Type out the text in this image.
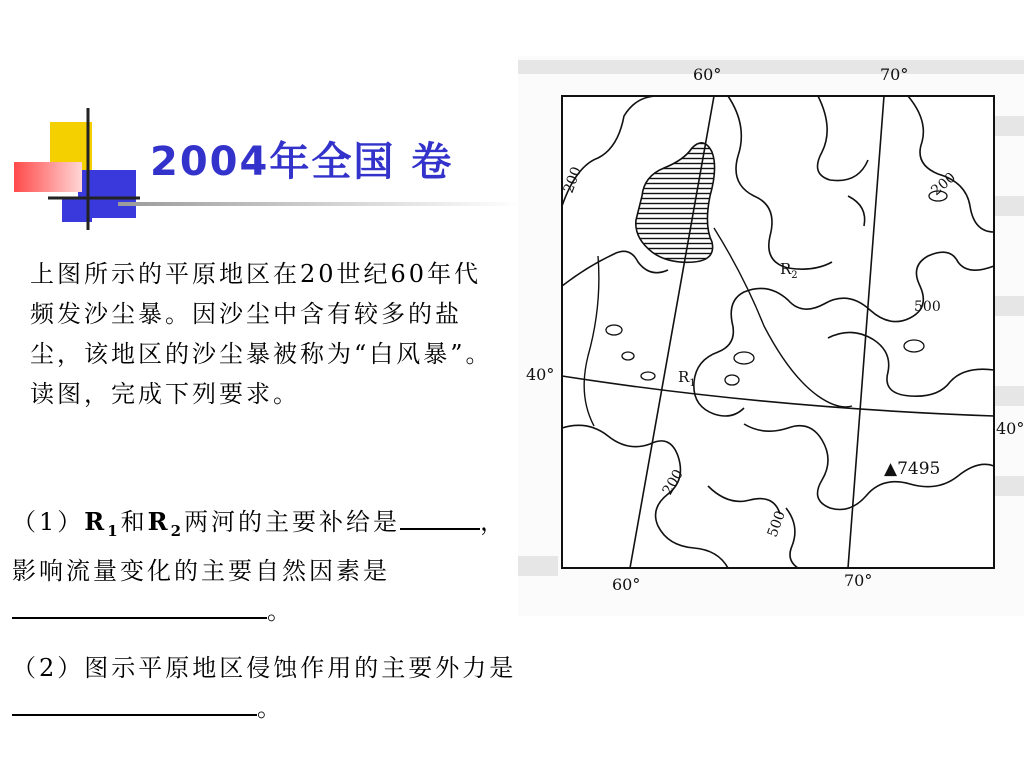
2004年全国 卷
上图所示的平原地区在20世纪60年代频发沙尘暴。因沙尘中含有较多的盐尘，该地区的沙尘暴被称为“白风暴”。读图，完成下列要求。
$(1)R_1$和$R_2$两河的主要补给是	，影响流量变化的主要自然因素是。
（2）图示平原地区侵蚀作用的主要外力是。
60°	70°
60°	70°
40°
40°
500
500
200	200
200
$R_1$
$R_2$
▲7495
